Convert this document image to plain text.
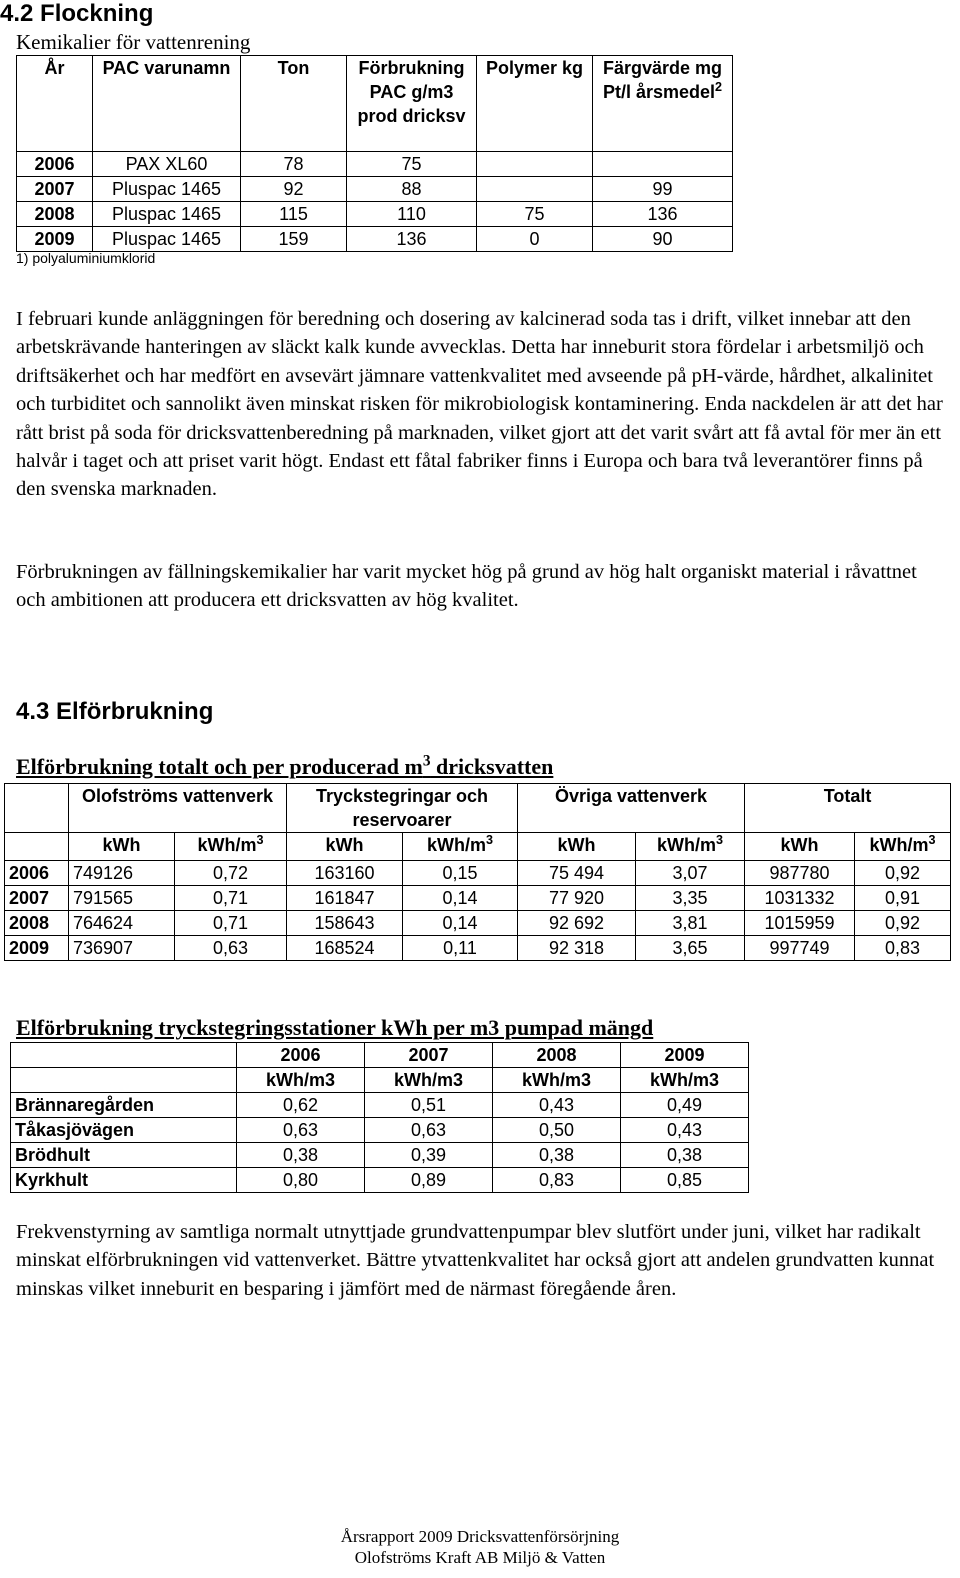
4.2 Flockning
Kemikalier för vattenrening
År	PAC varunamn	Ton	Förbrukning PAC g/m3 prod dricksv	Polymer kg	Färgvärde mg Pt/l årsmedel$^2$
2006	PAX XL60	78	75		
2007	Pluspac 1465	92	88		99
2008	Pluspac 1465	115	110	75	136
2009	Pluspac 1465	159	136	0	90
1) polyaluminiumklorid

I februari kunde anläggningen för beredning och dosering av kalcinerad soda tas i drift, vilket innebar att den arbetskrävande hanteringen av släckt kalk kunde avvecklas. Detta har inneburit stora fördelar i arbetsmiljö och driftsäkerhet och har medfört en avsevärt jämnare vattenkvalitet med avseende på pH-värde, hårdhet, alkalinitet och turbiditet och sannolikt även minskat risken för mikrobiologisk kontaminering. Enda nackdelen är att det har rått brist på soda för dricksvattenberedning på marknaden, vilket gjort att det varit svårt att få avtal för mer än ett halvår i taget och att priset varit högt. Endast ett fåtal fabriker finns i Europa och bara två leverantörer finns på den svenska marknaden.

Förbrukningen av fällningskemikalier har varit mycket hög på grund av hög halt organiskt material i råvattnet och ambitionen att producera ett dricksvatten av hög kvalitet.

4.3 Elförbrukning
Elförbrukning totalt och per producerad $m^3$ dricksvatten
	Olofströms vattenverk		Tryckstegringar och reservoarer		Övriga vattenverk		Totalt	
	kWh	kWh/$m^3$	kWh	kWh/$m^3$	kWh	kWh/$m^3$	kWh	kWh/$m^3$
2006	749126	0,72	163160	0,15	75 494	3,07	987780	0,92
2007	791565	0,71	161847	0,14	77 920	3,35	1031332	0,91
2008	764624	0,71	158643	0,14	92 692	3,81	1015959	0,92
2009	736907	0,63	168524	0,11	92 318	3,65	997749	0,83
Elförbrukning tryckstegringsstationer kWh per m3 pumpad mängd
	2006	2007	2008	2009
	kWh/m3	kWh/m3	kWh/m3	kWh/m3
Brännaregården	0,62	0,51	0,43	0,49
Tåkasjövägen	0,63	0,63	0,50	0,43
Brödhult	0,38	0,39	0,38	0,38
Kyrkhult	0,80	0,89	0,83	0,85

Frekvenstyrning av samtliga normalt utnyttjade grundvattenpumpar blev slutfört under juni, vilket har radikalt minskat elförbrukningen vid vattenverket. Bättre ytvattenkvalitet har också gjort att andelen grundvatten kunnat minskas vilket inneburit en besparing i jämfört med de närmast föregående åren.

Årsrapport 2009 Dricksvattenförsörjning
Olofströms Kraft AB Miljö & Vatten
